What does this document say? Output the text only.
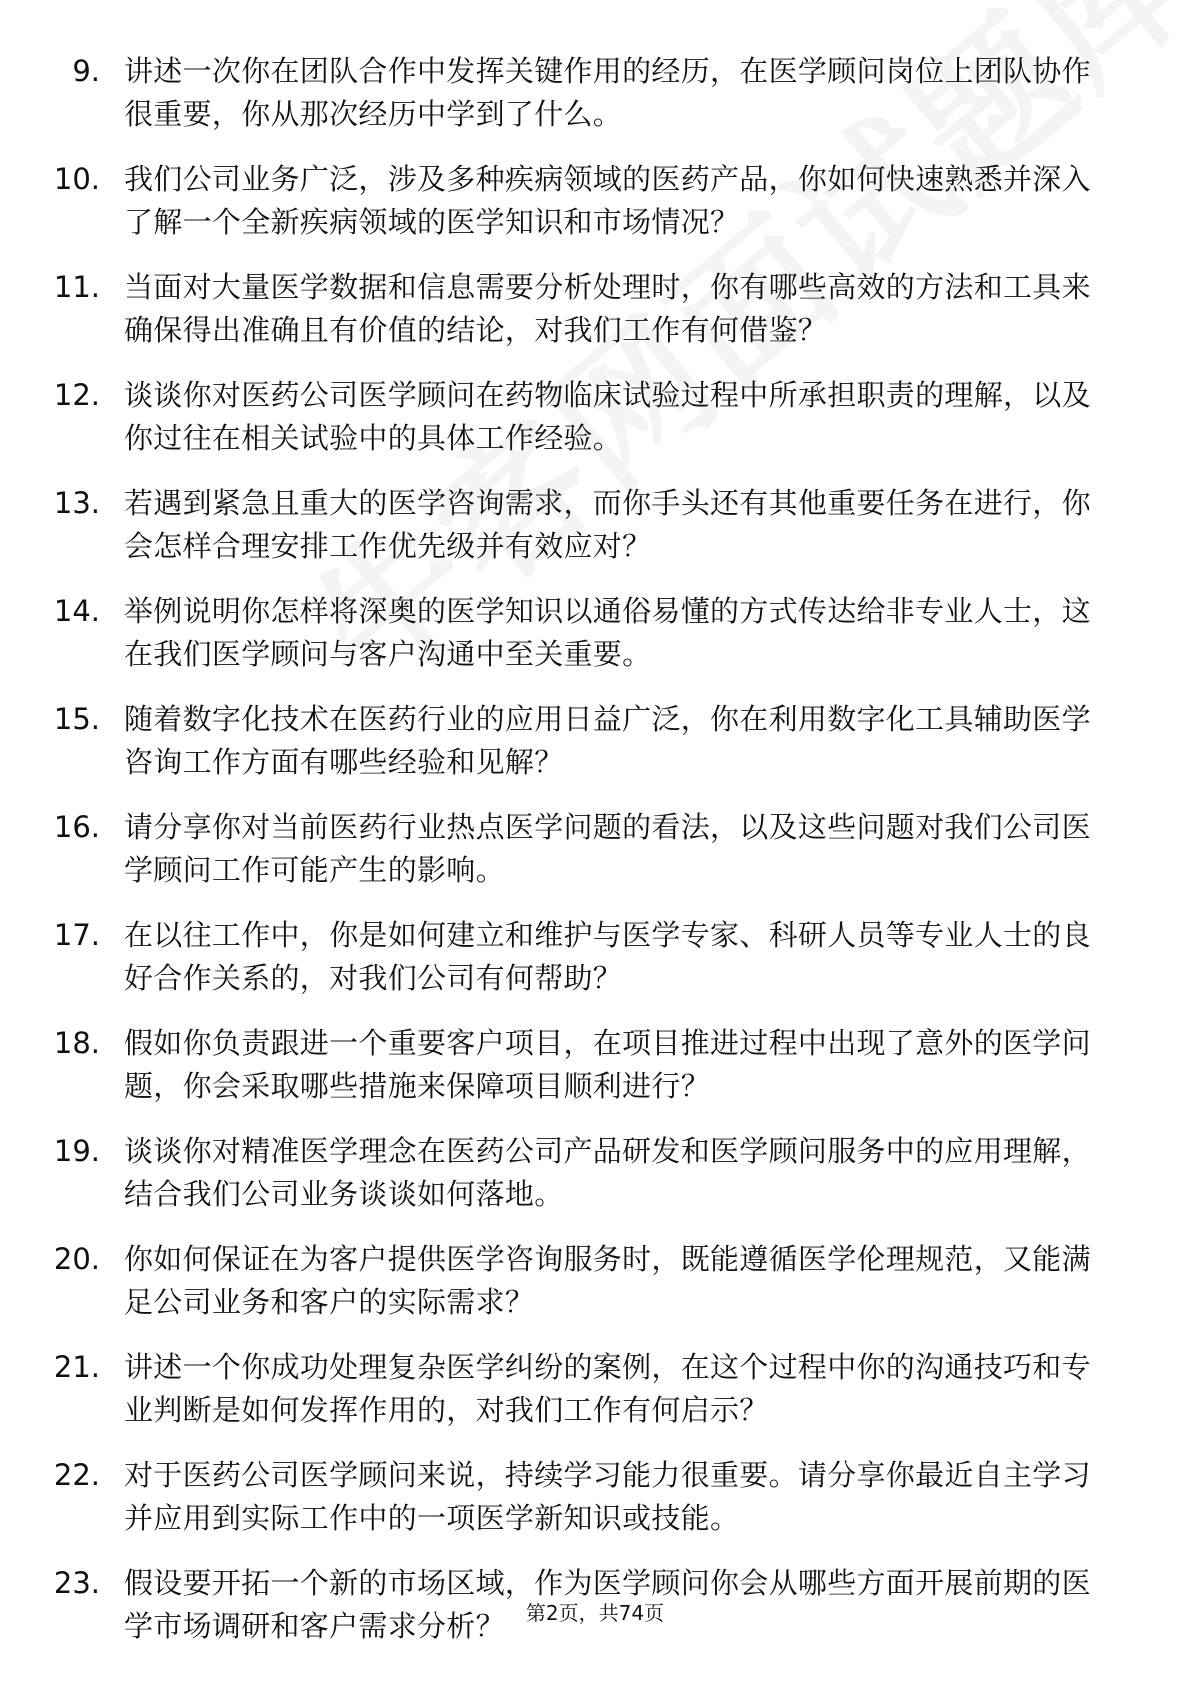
9. 讲述一次你在团队合作中发挥关键作用的经历，在医学顾问岗位上团队协作很重要，你从那次经历中学到了什么。
10. 我们公司业务广泛，涉及多种疾病领域的医药产品，你如何快速熟悉并深入了解一个全新疾病领域的医学知识和市场情况？
11. 当面对大量医学数据和信息需要分析处理时，你有哪些高效的方法和工具来确保得出准确且有价值的结论，对我们工作有何借鉴？
12. 谈谈你对医药公司医学顾问在药物临床试验过程中所承担职责的理解，以及你过往在相关试验中的具体工作经验。
13. 若遇到紧急且重大的医学咨询需求，而你手头还有其他重要任务在进行，你会怎样合理安排工作优先级并有效应对？
14. 举例说明你怎样将深奥的医学知识以通俗易懂的方式传达给非专业人士，这在我们医学顾问与客户沟通中至关重要。
15. 随着数字化技术在医药行业的应用日益广泛，你在利用数字化工具辅助医学咨询工作方面有哪些经验和见解？
16. 请分享你对当前医药行业热点医学问题的看法，以及这些问题对我们公司医学顾问工作可能产生的影响。
17. 在以往工作中，你是如何建立和维护与医学专家、科研人员等专业人士的良好合作关系的，对我们公司有何帮助？
18. 假如你负责跟进一个重要客户项目，在项目推进过程中出现了意外的医学问题，你会采取哪些措施来保障项目顺利进行？
19. 谈谈你对精准医学理念在医药公司产品研发和医学顾问服务中的应用理解，结合我们公司业务谈谈如何落地。
20. 你如何保证在为客户提供医学咨询服务时，既能遵循医学伦理规范，又能满足公司业务和客户的实际需求？
21. 讲述一个你成功处理复杂医学纠纷的案例，在这个过程中你的沟通技巧和专业判断是如何发挥作用的，对我们工作有何启示？
22. 对于医药公司医学顾问来说，持续学习能力很重要。请分享你最近自主学习并应用到实际工作中的一项医学新知识或技能。
23. 假设要开拓一个新的市场区域，作为医学顾问你会从哪些方面开展前期的医学市场调研和客户需求分析？	第2页，共74页
